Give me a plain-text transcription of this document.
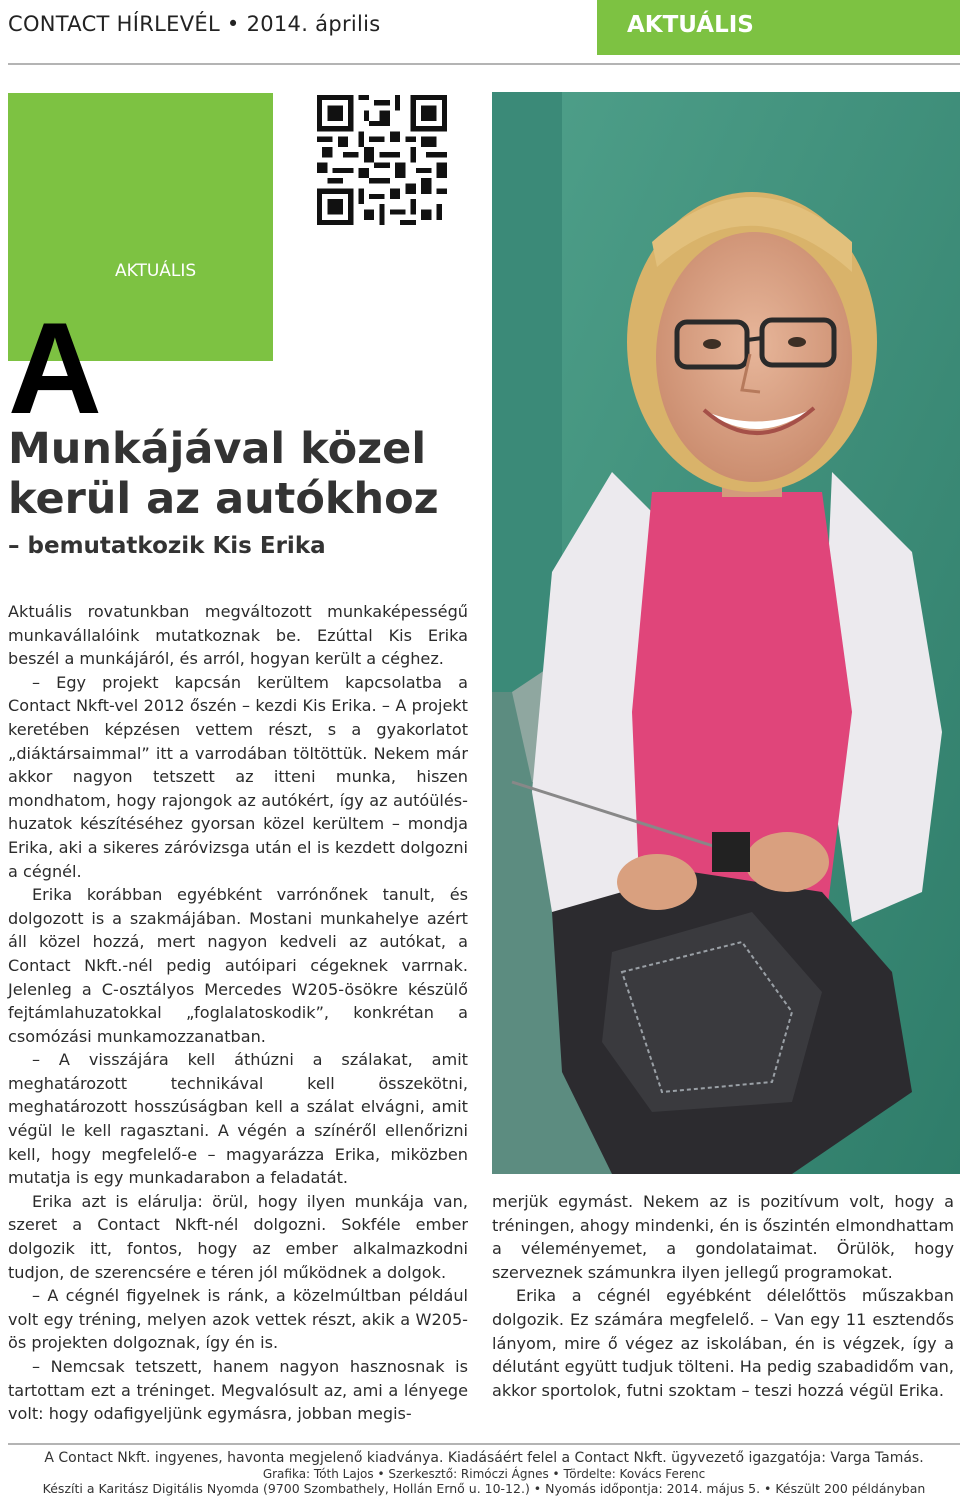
CONTACT HÍRLEVÉL • 2014. április	AKTUÁLIS
AKTUÁLIS
A
Munkájával közel
kerül az autókhoz
– bemutatkozik Kis Erika

Aktuális rovatunkban megváltozott munkaképességű munkavállalóink mutatkoznak be. Ezúttal Kis Erika beszél a munkájáról, és arról, hogyan került a céghez.

– Egy projekt kapcsán kerültem kapcsolatba a Contact Nkft-vel 2012 őszén – kezdi Kis Erika. – A projekt keretében képzésen vettem részt, s a gyakorlatot „diáktársaimmal” itt a varrodában töltöttük. Nekem már akkor nagyon tetszett az itteni munka, hiszen mondhatom, hogy rajongok az autókért, így az autóülés-huzatok készítéséhez gyorsan közel kerültem – mondja Erika, aki a sikeres záróvizsga után el is kezdett dolgozni a cégnél.

Erika korábban egyébként varrónőnek tanult, és dolgozott is a szakmájában. Mostani munkahelye azért áll közel hozzá, mert nagyon kedveli az autókat, a Contact Nkft.-nél pedig autóipari cégeknek varrnak. Jelenleg a C-osztályos Mercedes W205-ösökre készülő fejtámlahuzatokkal „foglalatoskodik”, konkrétan a csomózási munkamozzanatban.

– A visszájára kell áthúzni a szálakat, amit meghatározott technikával kell összekötni, meghatározott hosszúságban kell a szálat elvágni, amit végül le kell ragasztani. A végén a színéről ellenőrizni kell, hogy megfelelő-e – magyarázza Erika, miközben mutatja is egy munkadarabon a feladatát.

Erika azt is elárulja: örül, hogy ilyen munkája van, szeret a Contact Nkft-nél dolgozni. Sokféle ember dolgozik itt, fontos, hogy az ember alkalmazkodni tudjon, de szerencsére e téren jól működnek a dolgok.

– A cégnél figyelnek is ránk, a közelmúltban például volt egy tréning, melyen azok vettek részt, akik a W205-ös projekten dolgoznak, így én is.

– Nemcsak tetszett, hanem nagyon hasznosnak is tartottam ezt a tréninget. Megvalósult az, ami a lényege volt: hogy odafigyeljünk egymásra, jobban megis-

merjük egymást. Nekem az is pozitívum volt, hogy a tréningen, ahogy mindenki, én is őszintén elmondhattam a véleményemet, a gondolataimat. Örülök, hogy szerveznek számunkra ilyen jellegű programokat.

Erika a cégnél egyébként délelőttös műszakban dolgozik. Ez számára megfelelő. – Van egy 11 esztendős lányom, mire ő végez az iskolában, én is végzek, így a délutánt együtt tudjuk tölteni. Ha pedig szabadidőm van, akkor sportolok, futni szoktam – teszi hozzá végül Erika.

A Contact Nkft. ingyenes, havonta megjelenő kiadványa. Kiadásáért felel a Contact Nkft. ügyvezető igazgatója: Varga Tamás.
Grafika: Tóth Lajos • Szerkesztő: Rimóczi Ágnes • Tördelte: Kovács Ferenc
Készíti a Karitász Digitális Nyomda (9700 Szombathely, Hollán Ernő u. 10-12.) • Nyomás időpontja: 2014. május 5. • Készült 200 példányban
